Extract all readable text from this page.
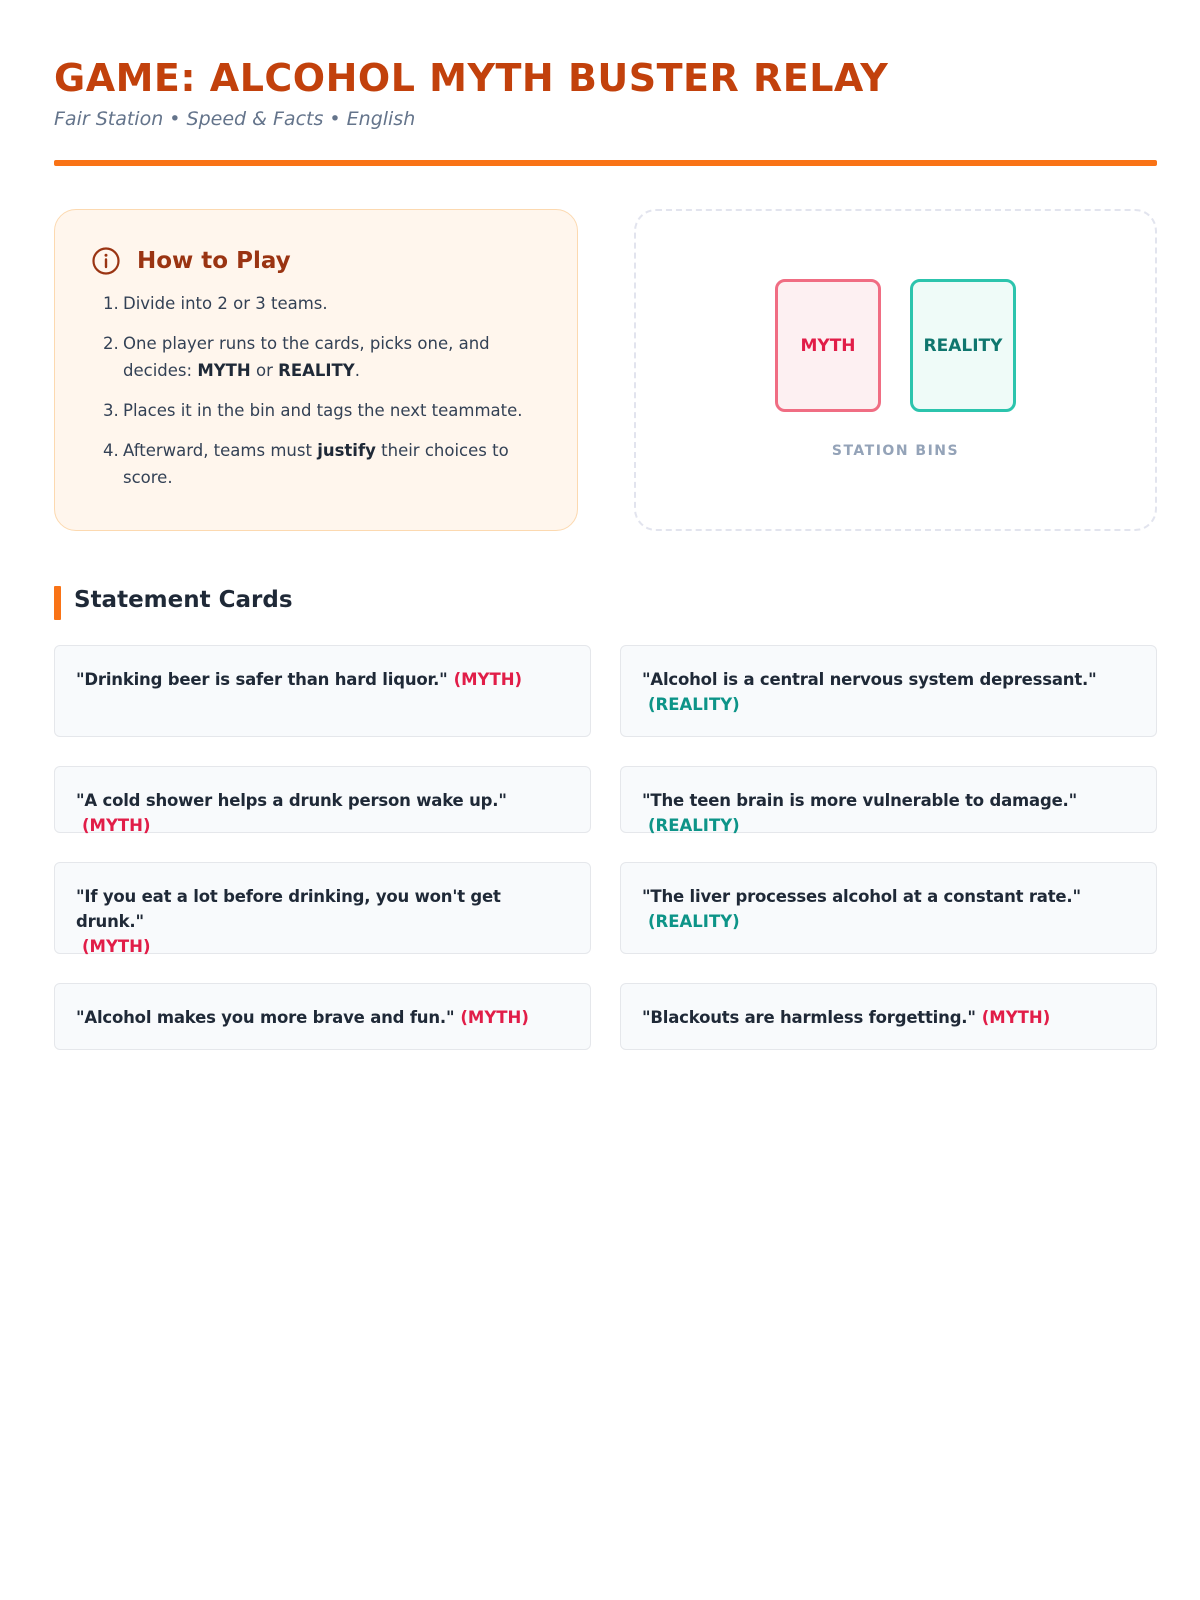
GAME: ALCOHOL MYTH BUSTER RELAY
Fair Station • Speed & Facts • English
How to Play
1. Divide into 2 or 3 teams.
2. One player runs to the cards, picks one, and decides: MYTH or REALITY.
3. Places it in the bin and tags the next teammate.
4. Afterward, teams must justify their choices to score.
MYTH	REALITY
STATION BINS
Statement Cards
"Drinking beer is safer than hard liquor." (MYTH)	"Alcohol is a central nervous system depressant."
(REALITY)
"A cold shower helps a drunk person wake up."(MYTH)
"The teen brain is more vulnerable to damage."(REALITY)
"If you eat a lot before drinking, you won't get drunk."
(MYTH)
"The liver processes alcohol at a constant rate."(REALITY)
"Alcohol makes you more brave and fun." (MYTH)	"Blackouts are harmless forgetting." (MYTH)
